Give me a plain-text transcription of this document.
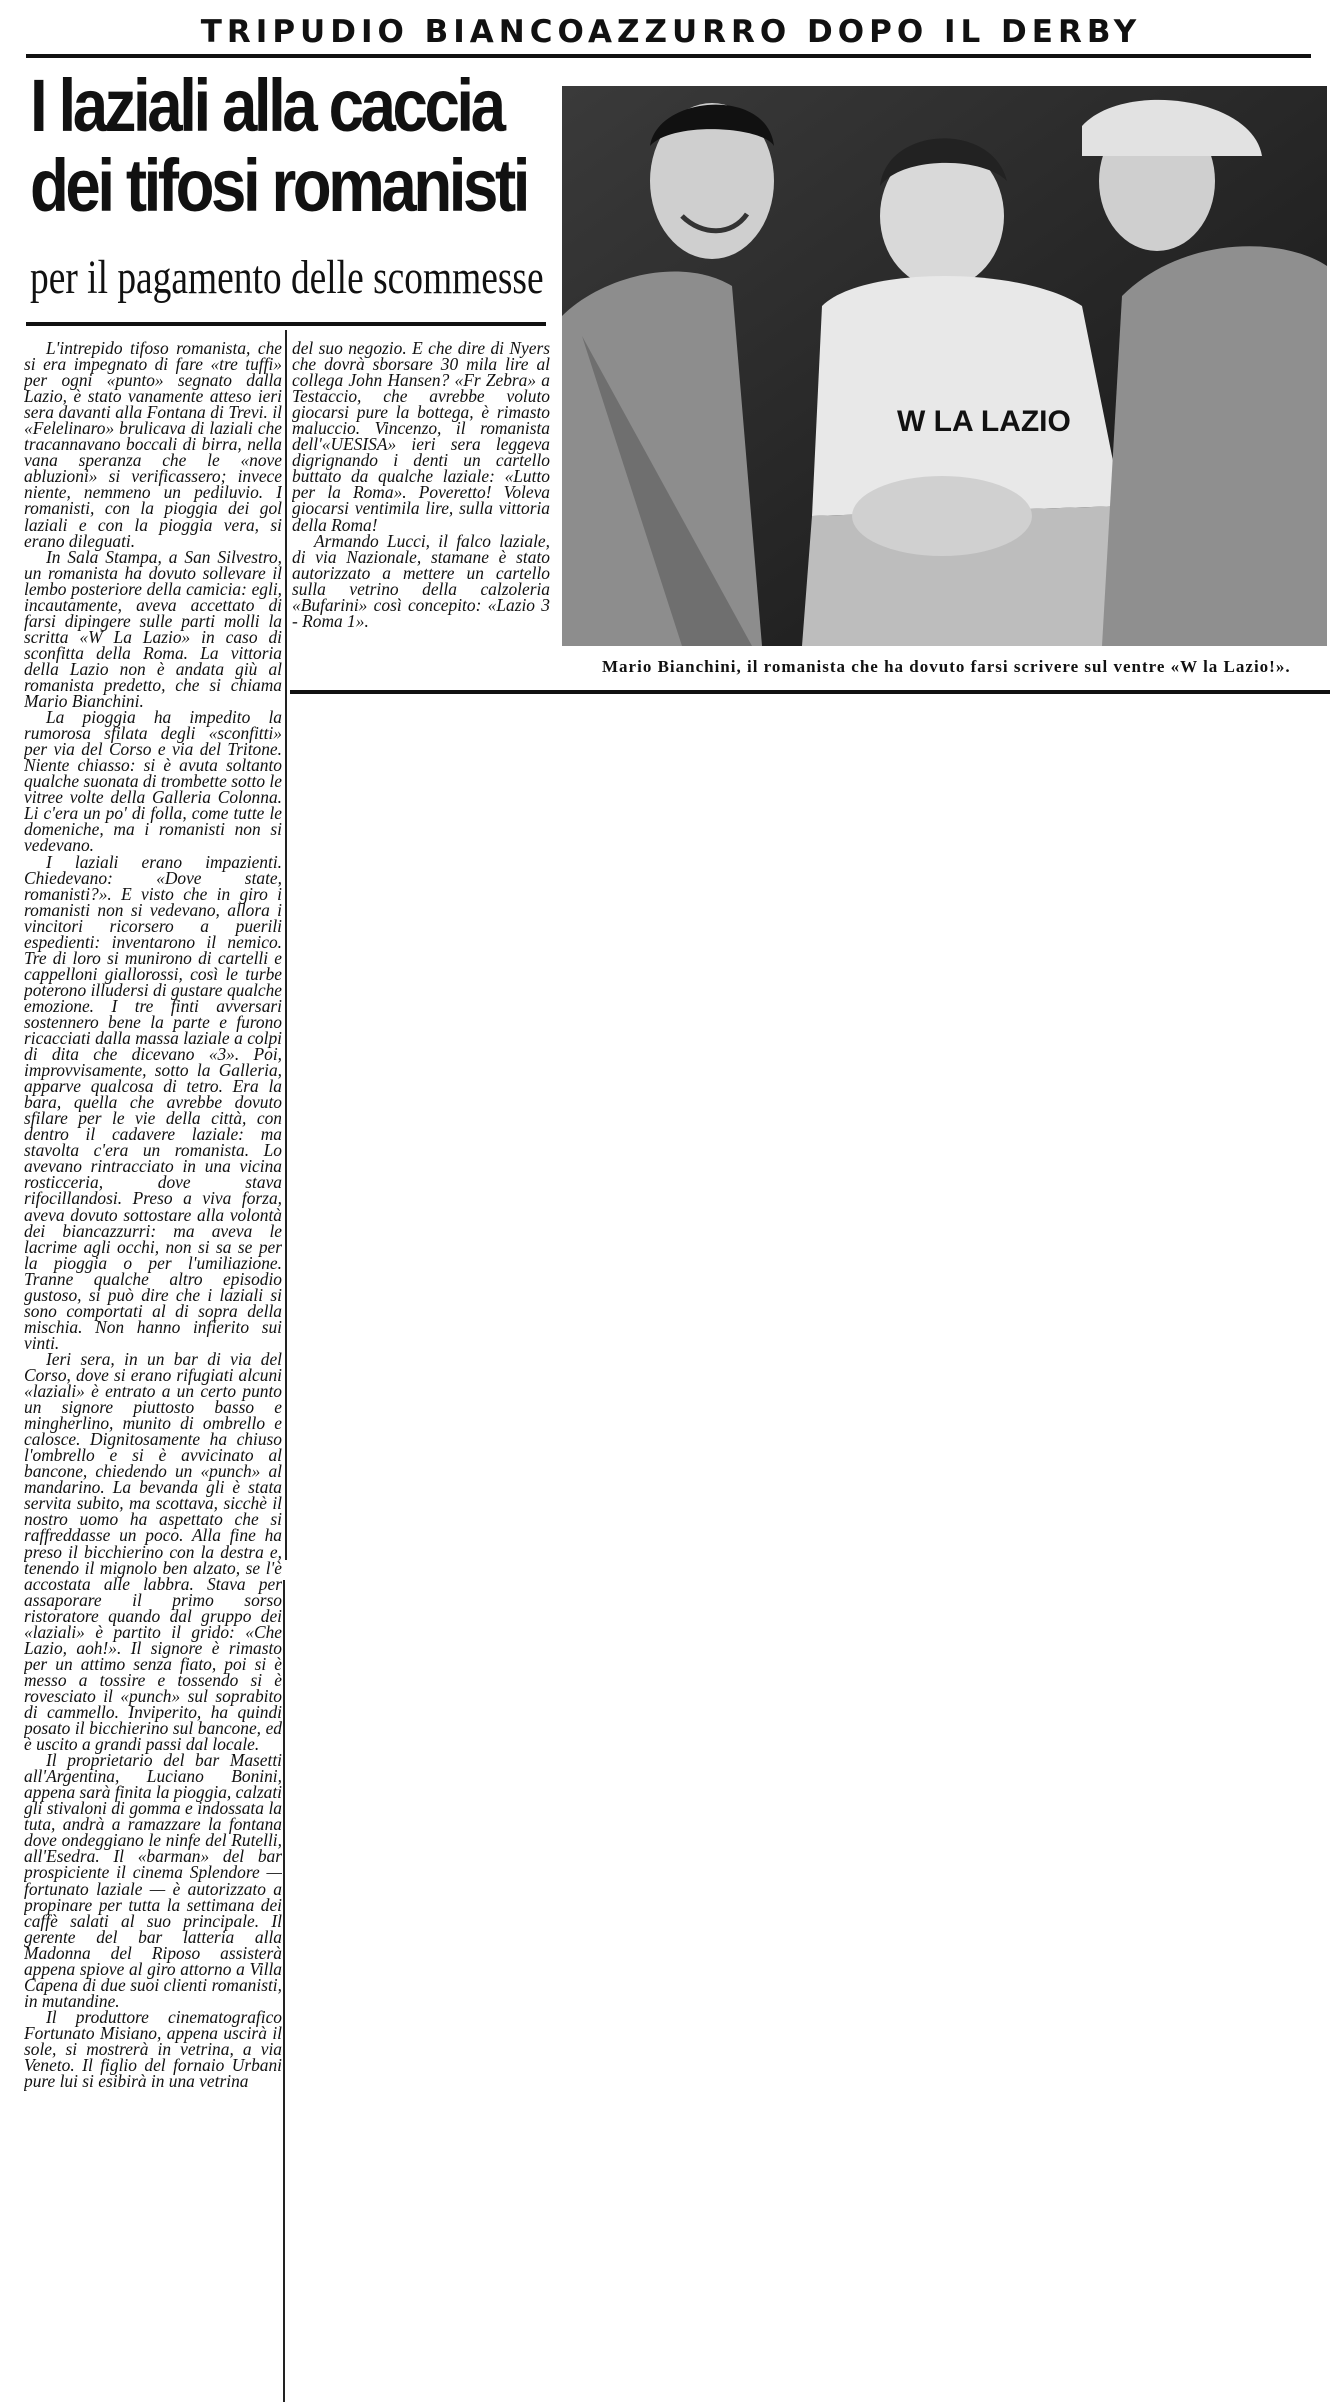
TRIPUDIO BIANCOAZZURRO DOPO IL DERBY
I laziali alla caccia
dei tifosi romanisti
per il pagamento delle scommesse
W LA LAZIO
Mario Bianchini, il romanista che ha dovuto farsi scrivere sul ventre «W la Lazio!».

L'intrepido tifoso romanista, che si era impegnato di fare «tre tuffi» per ogni «punto» segnato dalla Lazio, è stato vanamente atteso ieri sera davanti alla Fontana di Trevi. il «Felelinaro» brulicava di laziali che tracannavano boccali di birra, nella vana speranza che le «nove abluzioni» si verificassero; invece niente, nemmeno un pediluvio. I romanisti, con la pioggia dei gol laziali e con la pioggia vera, si erano dileguati.

In Sala Stampa, a San Silvestro, un romanista ha dovuto sollevare il lembo posteriore della camicia: egli, incautamente, aveva accettato di farsi dipingere sulle parti molli la scritta «W La Lazio» in caso di sconfitta della Roma. La vittoria della Lazio non è andata giù al romanista predetto, che si chiama Mario Bianchini.

La pioggia ha impedito la rumorosa sfilata degli «sconfitti» per via del Corso e via del Tritone. Niente chiasso: si è avuta soltanto qualche suonata di trombette sotto le vitree volte della Galleria Colonna. Li c'era un po' di folla, come tutte le domeniche, ma i romanisti non si vedevano.

I laziali erano impazienti. Chiedevano: «Dove state, romanisti?». E visto che in giro i romanisti non si vedevano, allora i vincitori ricorsero a puerili espedienti: inventarono il nemico. Tre di loro si munirono di cartelli e cappelloni giallorossi, così le turbe poterono illudersi di gustare qualche emozione. I tre finti avversari sostennero bene la parte e furono ricacciati dalla massa laziale a colpi di dita che dicevano «3». Poi, improvvisamente, sotto la Galleria, apparve qualcosa di tetro. Era la bara, quella che avrebbe dovuto sfilare per le vie della città, con dentro il cadavere laziale: ma stavolta c'era un romanista. Lo avevano rintracciato in una vicina rosticceria, dove stava rifocillandosi. Preso a viva forza, aveva dovuto sottostare alla volontà dei biancazzurri: ma aveva le lacrime agli occhi, non si sa se per la pioggia o per l'umiliazione. Tranne qualche altro episodio gustoso, si può dire che i laziali si sono comportati al di sopra della mischia. Non hanno infierito sui vinti.

Ieri sera, in un bar di via del Corso, dove si erano rifugiati alcuni «laziali» è entrato a un certo punto un signore piuttosto basso e mingherlino, munito di ombrello e calosce. Dignitosamente ha chiuso l'ombrello e si è avvicinato al bancone, chiedendo un «punch» al mandarino. La bevanda gli è stata servita subito, ma scottava, sicchè il nostro uomo ha aspettato che si raffreddasse un poco. Alla fine ha preso il bicchierino con la destra e, tenendo il mignolo ben alzato, se l'è accostata alle labbra. Stava per assaporare il primo sorso ristoratore quando dal gruppo dei «laziali» è partito il grido: «Che Lazio, aoh!». Il signore è rimasto per un attimo senza fiato, poi si è messo a tossire e tossendo si è rovesciato il «punch» sul soprabito di cammello. Inviperito, ha quindi posato il bicchierino sul bancone, ed è uscito a grandi passi dal locale.

Il proprietario del bar Masetti all'Argentina, Luciano Bonini, appena sarà finita la pioggia, calzati gli stivaloni di gomma e indossata la tuta, andrà a ramazzare la fontana dove ondeggiano le ninfe del Rutelli, all'Esedra. Il «barman» del bar prospiciente il cinema Splendore — fortunato laziale — è autorizzato a propinare per tutta la settimana dei caffè salati al suo principale. Il gerente del bar latteria alla Madonna del Riposo assisterà appena spiove al giro attorno a Villa Capena di due suoi clienti romanisti, in mutandine.

Il produttore cinematografico Fortunato Misiano, appena uscirà il sole, si mostrerà in vetrina, a via Veneto. Il figlio del fornaio Urbani pure lui si esibirà in una vetrina

del suo negozio. E che dire di Nyers che dovrà sborsare 30 mila lire al collega John Hansen? «Fr Zebra» a Testaccio, che avrebbe voluto giocarsi pure la bottega, è rimasto maluccio. Vincenzo, il romanista dell'«UESISA» ieri sera leggeva digrignando i denti un cartello buttato da qualche laziale: «Lutto per la Roma». Poveretto! Voleva giocarsi ventimila lire, sulla vittoria della Roma!

Armando Lucci, il falco laziale, di via Nazionale, stamane è stato autorizzato a mettere un cartello sulla vetrino della calzoleria «Bufarini» così concepito: «Lazio 3 - Roma 1».
